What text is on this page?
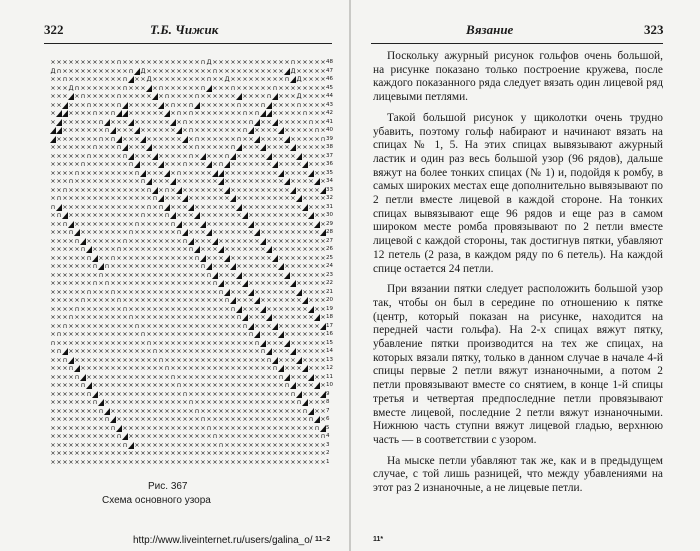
322	Т.Б. Чижик
× × × × × × × × × × × п × × × × × × × × × × × × × п Д × × × × × × × × × × × × × п × × × × × 48
Д п × × × × × × × × × × × п Д × × × × × × × × × × × п × × × × × × × × × × × Д × × × × × 47
× × п × × × × × × × × × п × × Д × × × × × × × × × п × × Д × × × × × × × × × п Д × × × × 46
× × × Д п × × × × × × × п × × × × п × × × × × × п × × × п × × × × × × п × × × × × × × × 45
× × × × п × × × × × п × × × × × × п × × × × п × × × × × × × × × × п × × × Д × × × × 44
× × × × × п × × × × п × × × × × × п × × п × × × × × × п × × × п × × × × п × × × × 43
× × × × × п × × п × × × × × × × п × п × × × × × × × × п × п × × × × × п × × × 42
× × × × × × × п × × × × × × × × × × п × × × × × × × × × × п × × × × × × × п × × 41
× × × × × × × п × × × × × × × × × × п × × × × × × × × п × × × × × × × × × п × 40
× × × × × × × п × п × × × × × × × × × × п × × × × × × п × × × × × × × × × × × п 39
× × × × × × × п × × × п × × × × × × × × × × п × × × × × п × × × × × × × × × × × × 38
× × × × × × п × × × × × п × × × × × × × × п × × × × п × × × × × × × × × × × × × 37
× × × × × п × × × × × × × п × × × × × × п × × × × п × × × × × × × × × × × × × × 36
× × × × п × × × × × × × × × п × × × × п × × × × × × × × × × × × × × × × × × × × 35
× × × п × × × × × × × × × × × п × × × × × × × × × × × × × × × × × × × × × × × × × 34
× × п × × × × × × × × × × × × × п × п × × × × × × × × × × × × × × × × × × × × × × 33
× п × × × × × × × × × × × × × × × п × × × × × × × × × × × × × × × × × × × × × × × × 32
п × × × × × × × × × × × × × × п × п × × × × × × × × × × × × × × × × × × × × × × × 31
× п × × × × × × × × × × × × п × × × п × × × × × × × × × × × × × × × × × × × × × × 30
× × п × × × × × × × × × × п × × × × × п × × × × × × × × × × × × × × × × × × × × × 29
× × × п × × × × × × × × п × × × × × × × п × × × × × × × × × × × × × × × × × × × × 28
× × × × п × × × × × × п × × × × × × × × × п × × × × × × × × × × × × × × × × × × × × 27
× × × × × п × × × × п × × × × × × × × × × × п × × × × × × × × × × × × × × × × × × × 26
× × × × × × п × × п × × × × × × × × × × × × × п × × × × × × × × × × × × × × × × × × 25
× × × × × × × п п × × × × × × × × × × × × × × × п × × × × × × × × × × × × × × × × × 24
× × × × × × × × п × × × × × × × × × × × × × × × × × п × × × × × × × × × × × × × × × × 23
× × × × × × × п × п × × × × × × × × × × × × × × × × × п × × × × × × × × × × × × × × × 22
× × × × × × п × × × п × × × × × × × × × × × × × × × × × п × × × × × × × × × × × × × × 21
× × × × × п × × × × × п × × × × × × × × × × × × × × × × × п × × × × × × × × × × × × × 20
× × × × п × × × × × × × п × × × × × × × × × × × × × × × × × п × × × × × × × × × × × × 19
× × × п × × × × × × × × × п × × × × × × × × × × × × × × × × × п × × × × × × × × × × × 18
× × п × × × × × × × × × × × п × × × × × × × × × × × × × × × × × п × × × × × × × × × × 17
× п × × × × × × × × × × × × × п × × × × × × × × × × × × × × × × × п × × × × × × × × × × 16
п × × × × × × × × × × × × × × × п × × × × × × × × × × × × × × × × × п × × × × × × × × × 15
× п × × × × × × × × × × × × × × п × × × × × × × × × × × × × × × × × п × × × × × × × × 14
× × п × × × × × × × × × × × × × × п × × × × × × × × × × × × × × × × × п × × × × × × × 13
× × × п × × × × × × × × × × × × × × п × × × × × × × × × × × × × × × × × п × × × × × × 12
× × × × п × × × × × × × × × × × × × × п × × × × × × × × × × × × × × × × × п × × × × × 11
× × × × × п × × × × × × × × × × × × × × п × × × × × × × × × × × × × × × × × п × × × × 10
× × × × × × п × × × × × × × × × × × × × × п × × × × × × × × × × × × × × × × × п × × × 9
× × × × × × × п × × × × × × × × × × × × × × п × × × × × × × × × × × × × × × × × п × × × 8
× × × × × × × × п × × × × × × × × × × × × × × п × × × × × × × × × × × × × × × × × п × × 7
× × × × × × × × × п × × × × × × × × × × × × × × п × × × × × × × × × × × × × × × × × п × 6
× × × × × × × × × × п × × × × × × × × × × × × × × п × × × × × × × × × × × × × × × × × п 5
× × × × × × × × × × × п × × × × × × × × × × × × × × п × × × × × × × × × × × × × × × × × п 4
× × × × × × × × × × × × п × × × × × × × × × × × × × × п × × × × × × × × × × × × × × × × × 3
× × × × × × × × × × × × × × × × × × × × × × × × × × × × × × × × × × × × × × × × × × × × × × 2
× × × × × × × × × × × × × × × × × × × × × × × × × × × × × × × × × × × × × × × × × × × × × × 1
Рис. 367
Схема основного узора
11–2
Вязание	323

Поскольку ажурный рисунок гольфов очень большой, на рисунке показано только построение кружева, после каждого показанного ряда следует вязать один лицевой ряд лицевыми петлями.

Такой большой рисунок у щиколотки очень трудно убавить, поэтому гольф набирают и начинают вязать на спицах № 1, 5. На этих спицах вывязывают ажурный ластик и один раз весь большой узор (96 рядов), дальше вяжут на более тонких спицах (№ 1) и, подойдя к ромбу, в самых широких местах еще дополнительно вывязывают по 2 петли вместе лицевой в каждой стороне. На тонких спицах вывязывают еще 96 рядов и еще раз в самом широком месте ромба провязывают по 2 петли вместе лицевой с каждой стороны, так достигнув пятки, убавляют 12 петель (2 раза, в каждом ряду по 6 петель). На каждой спице остается 24 петли.

При вязании пятки следует расположить большой узор так, чтобы он был в середине по отношению к пятке (центр, который показан на рисунке, находится на передней части гольфа). На 2-х спицах вяжут пятку, убавление пятки производится на тех же спицах, на которых вязали пятку, только в данном случае в начале 4-й спицы первые 2 петли вяжут изнаночными, а потом 2 петли провязывают вместе со снятием, в конце 1-й спицы третья и четвертая предпоследние петли провязывают вместе лицевой, последние 2 петли вяжут изнаночными. Нижнюю часть ступни вяжут лицевой гладью, верхнюю часть — в соответствии с узором.

На мыске петли убавляют так же, как и в предыдущем случае, с той лишь разницей, что между убавлениями на этот раз 2 изнаночные, а не лицевые петли.

11*
http://www.liveinternet.ru/users/galina_o/
